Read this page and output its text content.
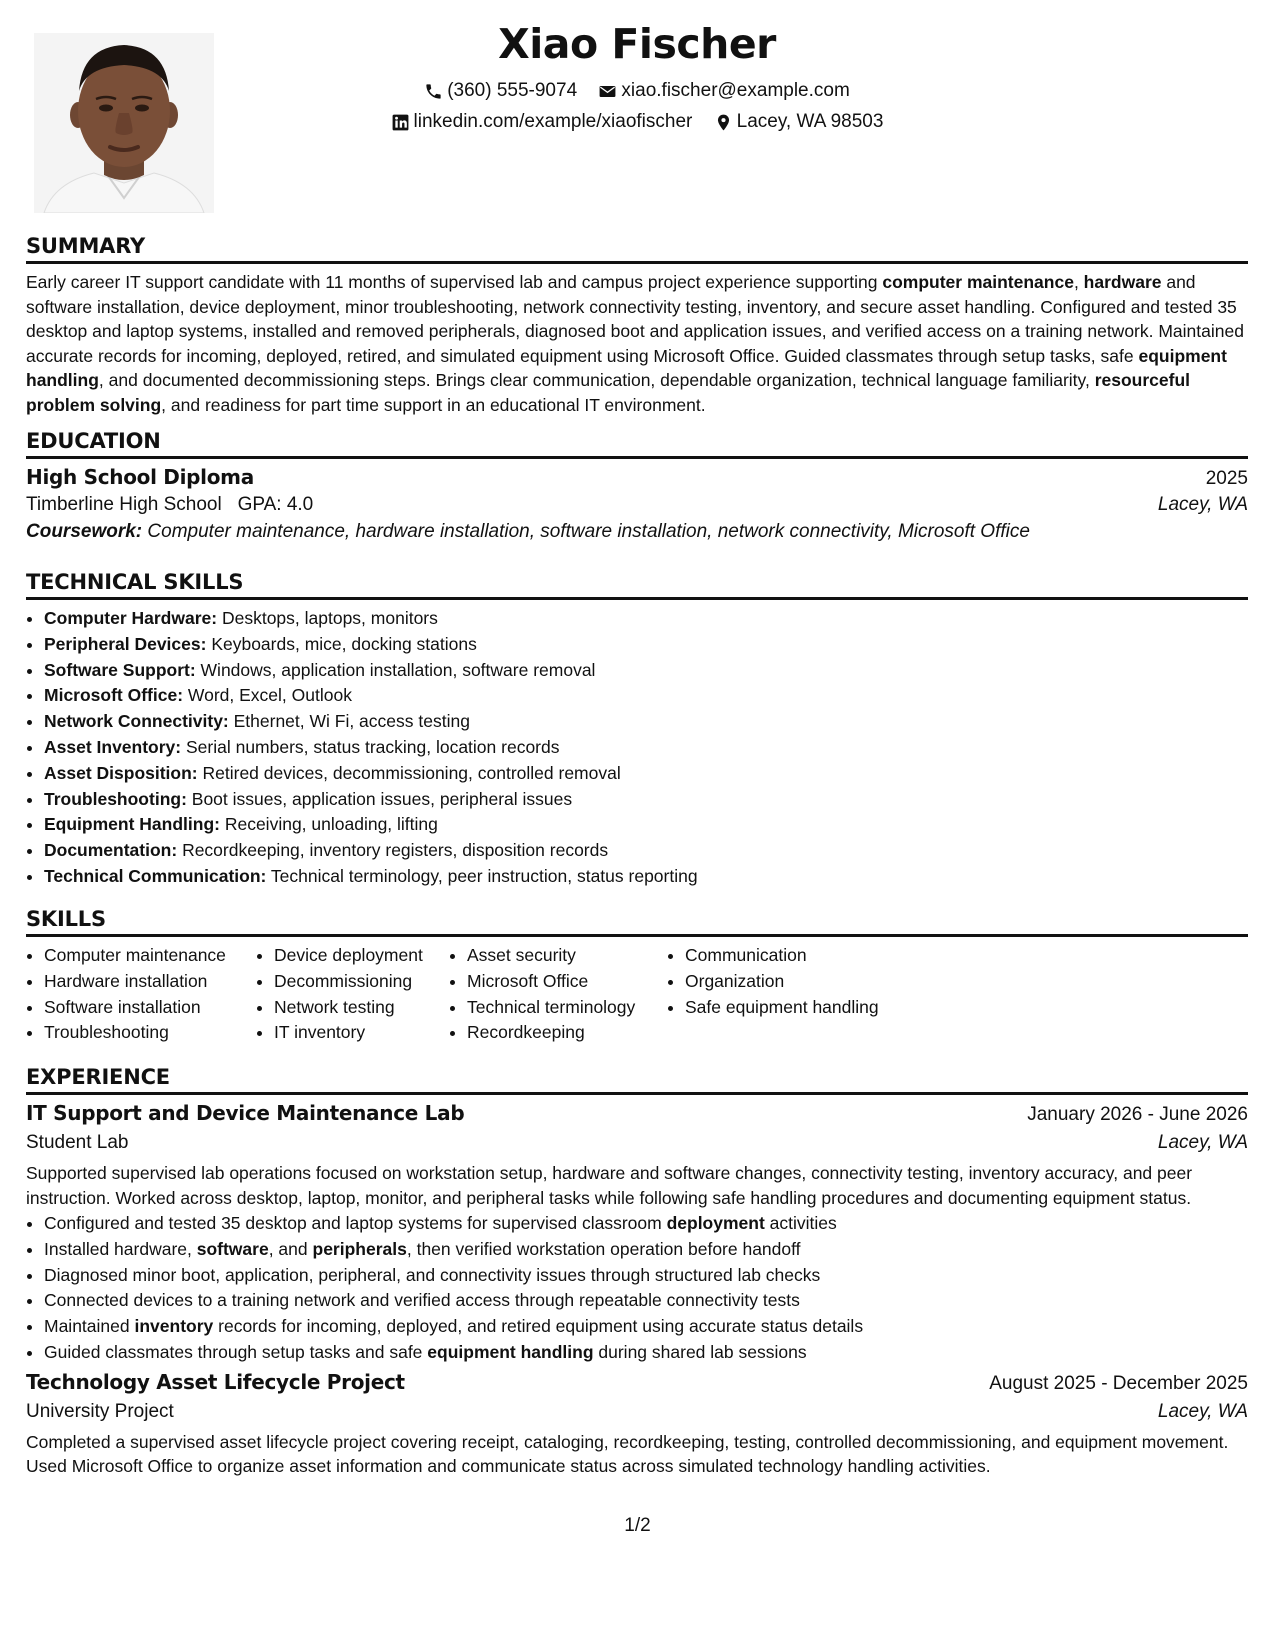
Xiao Fischer
(360) 555-9074
xiao.fischer@example.com
linkedin.com/example/xiaofischer
Lacey, WA 98503
SUMMARY

Early career IT support candidate with 11 months of supervised lab and campus project experience supporting computer maintenance, hardware and software installation, device deployment, minor troubleshooting, network connectivity testing, inventory, and secure asset handling. Configured and tested 35 desktop and laptop systems, installed and removed peripherals, diagnosed boot and application issues, and verified access on a training network. Maintained accurate records for incoming, deployed, retired, and simulated equipment using Microsoft Office. Guided classmates through setup tasks, safe equipment handling, and documented decommissioning steps. Brings clear communication, dependable organization, technical language familiarity, resourceful problem solving, and readiness for part time support in an educational IT environment.

EDUCATION
High School Diploma	2025
Timberline High School GPA: 4.0	Lacey, WA
Coursework: Computer maintenance, hardware installation, software installation, network connectivity, Microsoft Office
TECHNICAL SKILLS
• Computer Hardware: Desktops, laptops, monitors
• Peripheral Devices: Keyboards, mice, docking stations
• Software Support: Windows, application installation, software removal
• Microsoft Office: Word, Excel, Outlook
• Network Connectivity: Ethernet, Wi Fi, access testing
• Asset Inventory: Serial numbers, status tracking, location records
• Asset Disposition: Retired devices, decommissioning, controlled removal
• Troubleshooting: Boot issues, application issues, peripheral issues
• Equipment Handling: Receiving, unloading, lifting
• Documentation: Recordkeeping, inventory registers, disposition records
• Technical Communication: Technical terminology, peer instruction, status reporting
SKILLS
• Computer maintenance
• Hardware installation
• Software installation
• Troubleshooting
• Device deployment
• Decommissioning
• Network testing
• IT inventory
• Asset security
• Microsoft Office
• Technical terminology
• Recordkeeping
• Communication
• Organization
• Safe equipment handling
EXPERIENCE
IT Support and Device Maintenance Lab	January 2026 - June 2026
Student Lab	Lacey, WA

Supported supervised lab operations focused on workstation setup, hardware and software changes, connectivity testing, inventory accuracy, and peer instruction. Worked across desktop, laptop, monitor, and peripheral tasks while following safe handling procedures and documenting equipment status.

• Configured and tested 35 desktop and laptop systems for supervised classroom deployment activities
• Installed hardware, software, and peripherals, then verified workstation operation before handoff
• Diagnosed minor boot, application, peripheral, and connectivity issues through structured lab checks
• Connected devices to a training network and verified access through repeatable connectivity tests
• Maintained inventory records for incoming, deployed, and retired equipment using accurate status details
• Guided classmates through setup tasks and safe equipment handling during shared lab sessions
Technology Asset Lifecycle Project	August 2025 - December 2025
University Project	Lacey, WA

Completed a supervised asset lifecycle project covering receipt, cataloging, recordkeeping, testing, controlled decommissioning, and equipment movement. Used Microsoft Office to organize asset information and communicate status across simulated technology handling activities.

1/2
